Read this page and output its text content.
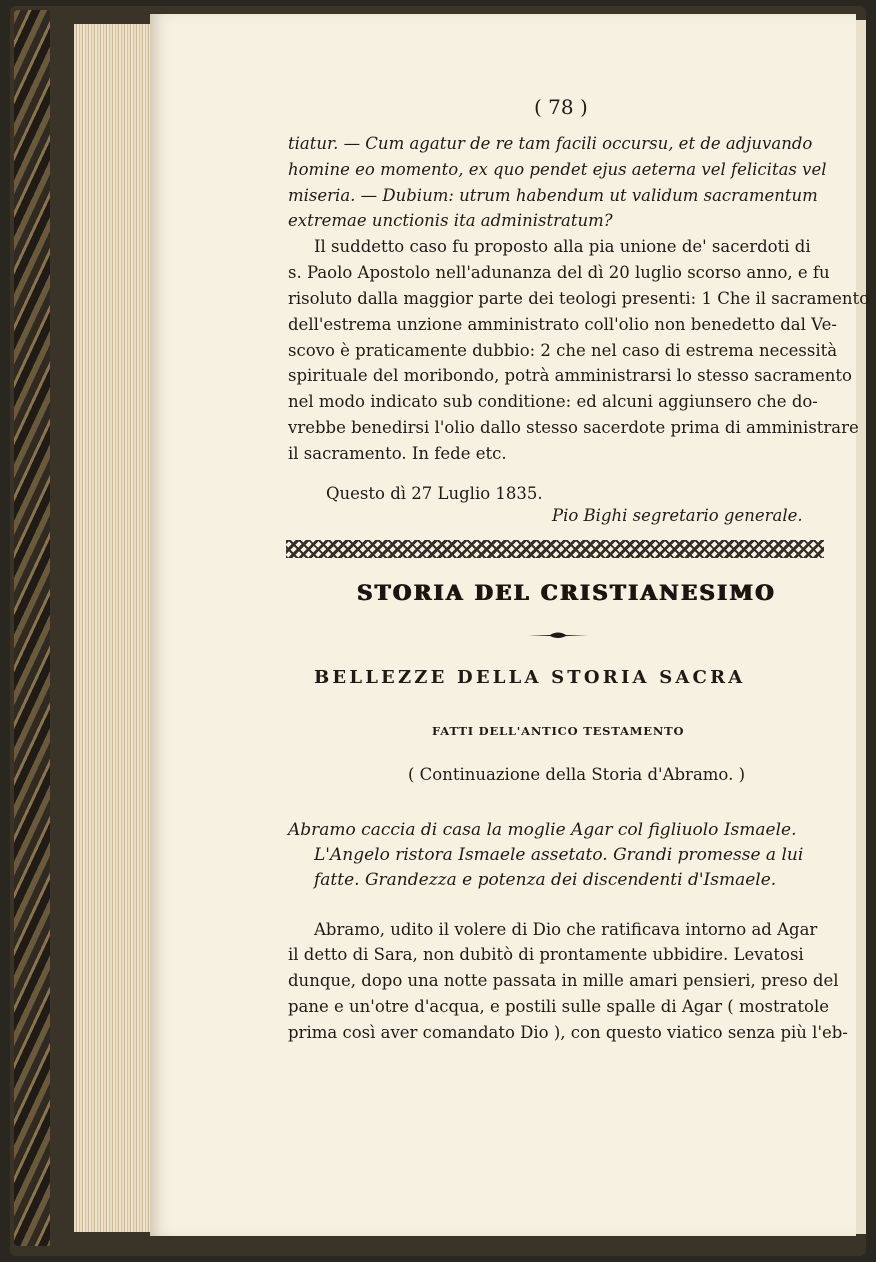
( 78 )
tiatur. — Cum agatur de re tam facili occursu, et de adjuvando
homine eo momento, ex quo pendet ejus aeterna vel felicitas vel
miseria. — Dubium: utrum habendum ut validum sacramentum
extremae unctionis ita administratum?
Il suddetto caso fu proposto alla pia unione de' sacerdoti di
s. Paolo Apostolo nell'adunanza del dì 20 luglio scorso anno, e fu
risoluto dalla maggior parte dei teologi presenti: 1 Che il sacramento
dell'estrema unzione amministrato coll'olio non benedetto dal Ve-
scovo è praticamente dubbio: 2 che nel caso di estrema necessità
spirituale del moribondo, potrà amministrarsi lo stesso sacramento
nel modo indicato sub conditione: ed alcuni aggiunsero che do-
vrebbe benedirsi l'olio dallo stesso sacerdote prima di amministrare
il sacramento. In fede etc.
Questo dì 27 Luglio 1835.
Pio Bighi segretario generale.
STORIA DEL CRISTIANESIMO
BELLEZZE DELLA STORIA SACRA
FATTI DELL'ANTICO TESTAMENTO
( Continuazione della Storia d'Abramo. )
Abramo caccia di casa la moglie Agar col figliuolo Ismaele.
L'Angelo ristora Ismaele assetato. Grandi promesse a lui
fatte. Grandezza e potenza dei discendenti d'Ismaele.
Abramo, udito il volere di Dio che ratificava intorno ad Agar
il detto di Sara, non dubitò di prontamente ubbidire. Levatosi
dunque, dopo una notte passata in mille amari pensieri, preso del
pane e un'otre d'acqua, e postili sulle spalle di Agar ( mostratole
prima così aver comandato Dio ), con questo viatico senza più l'eb-
